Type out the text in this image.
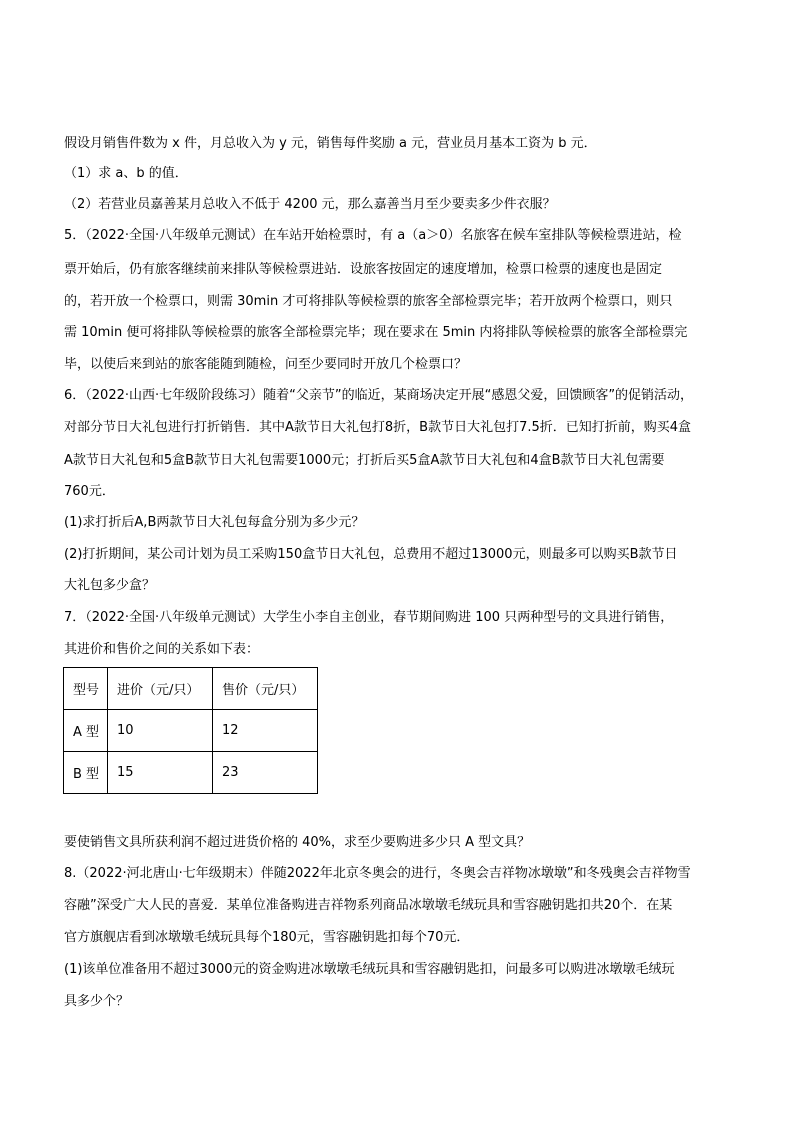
假设月销售件数为 x 件，月总收入为 y 元，销售每件奖励 a 元，营业员月基本工资为 b 元．
（1）求 a、b 的值．
（2）若营业员嘉善某月总收入不低于 4200 元，那么嘉善当月至少要卖多少件衣服？
5．（2022·全国·八年级单元测试）在车站开始检票时，有 a（a＞0）名旅客在候车室排队等候检票进站，检
票开始后，仍有旅客继续前来排队等候检票进站．设旅客按固定的速度增加，检票口检票的速度也是固定
的，若开放一个检票口，则需 30min 才可将排队等候检票的旅客全部检票完毕；若开放两个检票口，则只
需 10min 便可将排队等候检票的旅客全部检票完毕；现在要求在 5min 内将排队等候检票的旅客全部检票完
毕，以使后来到站的旅客能随到随检，问至少要同时开放几个检票口？
6．（2022·山西·七年级阶段练习）随着“父亲节”的临近，某商场决定开展“感恩父爱，回馈顾客”的促销活动，
对部分节日大礼包进行打折销售．其中A款节日大礼包打8折，B款节日大礼包打7.5折．已知打折前，购买4盒
A款节日大礼包和5盒B款节日大礼包需要1000元；打折后买5盒A款节日大礼包和4盒B款节日大礼包需要
760元．
(1)求打折后A,B两款节日大礼包每盒分别为多少元？
(2)打折期间，某公司计划为员工采购150盒节日大礼包，总费用不超过13000元，则最多可以购买B款节日
大礼包多少盒？
7．（2022·全国·八年级单元测试）大学生小李自主创业，春节期间购进 100 只两种型号的文具进行销售，
其进价和售价之间的关系如下表：
型号	进价（元/只）	售价（元/只）
A 型	10	12
B 型	15	23
要使销售文具所获利润不超过进货价格的 40%，求至少要购进多少只 A 型文具？
8.（2022·河北唐山·七年级期末）伴随2022年北京冬奥会的进行，冬奥会吉祥物冰墩墩”和冬残奥会吉祥物雪
容融”深受广大人民的喜爱．某单位准备购进吉祥物系列商品冰墩墩毛绒玩具和雪容融钥匙扣共20个．在某
官方旗舰店看到冰墩墩毛绒玩具每个180元，雪容融钥匙扣每个70元．
(1)该单位准备用不超过3000元的资金购进冰墩墩毛绒玩具和雪容融钥匙扣，问最多可以购进冰墩墩毛绒玩
具多少个？
